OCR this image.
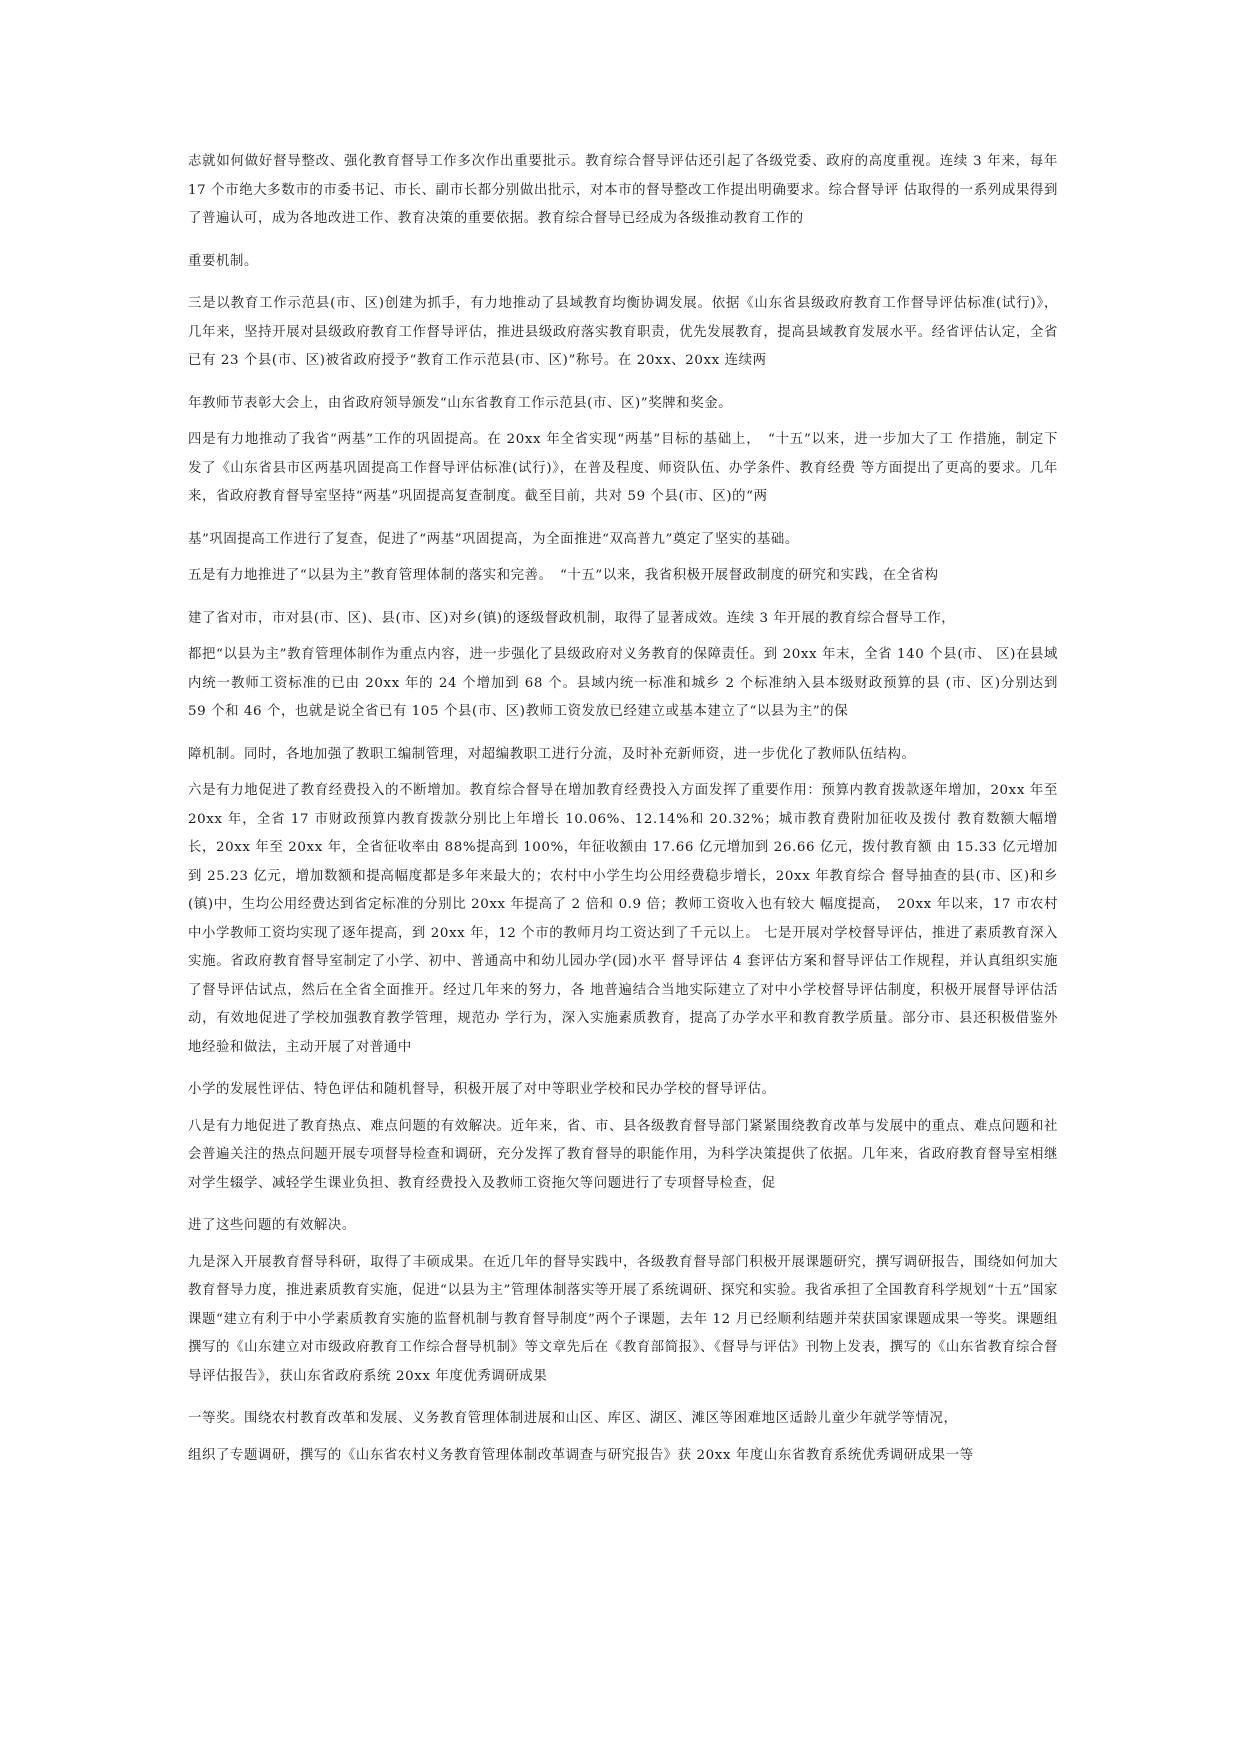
志就如何做好督导整改、强化教育督导工作多次作出重要批示。教育综合督导评估还引起了各级党委、政府的高度重视。连续 3 年来，每年 17 个市绝大多数市的市委书记、市长、副市长都分别做出批示，对本市的督导整改工作提出明确要求。综合督导评 估取得的一系列成果得到了普遍认可，成为各地改进工作、教育决策的重要依据。教育综合督导已经成为各级推动教育工作的

重要机制。

三是以教育工作示范县(市、区)创建为抓手，有力地推动了县域教育均衡协调发展。依据《山东省县级政府教育工作督导评估标准(试行)》，几年来，坚持开展对县级政府教育工作督导评估，推进县级政府落实教育职责，优先发展教育，提高县域教育发展水平。经省评估认定，全省已有 23 个县(市、区)被省政府授予“教育工作示范县(市、区)”称号。在 20xx、20xx 连续两

年教师节表彰大会上，由省政府领导颁发“山东省教育工作示范县(市、区)”奖牌和奖金。

四是有力地推动了我省“两基”工作的巩固提高。在 20xx 年全省实现“两基”目标的基础上，　“十五”以来，进一步加大了工 作措施，制定下发了《山东省县市区两基巩固提高工作督导评估标准(试行)》，在普及程度、师资队伍、办学条件、教育经费 等方面提出了更高的要求。几年来，省政府教育督导室坚持“两基”巩固提高复查制度。截至目前，共对 59 个县(市、区)的“两

基”巩固提高工作进行了复查，促进了“两基”巩固提高，为全面推进“双高普九”奠定了坚实的基础。

五是有力地推进了“以县为主”教育管理体制的落实和完善。　“十五”以来，我省积极开展督政制度的研究和实践，在全省构

建了省对市，市对县(市、区)、县(市、区)对乡(镇)的逐级督政机制，取得了显著成效。连续 3 年开展的教育综合督导工作，

都把“以县为主”教育管理体制作为重点内容，进一步强化了县级政府对义务教育的保障责任。到 20xx 年末，全省 140 个县(市、 区)在县域内统一教师工资标准的已由 20xx 年的 24 个增加到 68 个。县域内统一标准和城乡 2 个标准纳入县本级财政预算的县 (市、区)分别达到 59 个和 46 个，也就是说全省已有 105 个县(市、区)教师工资发放已经建立或基本建立了“以县为主”的保

障机制。同时，各地加强了教职工编制管理，对超编教职工进行分流，及时补充新师资，进一步优化了教师队伍结构。

六是有力地促进了教育经费投入的不断增加。教育综合督导在增加教育经费投入方面发挥了重要作用：预算内教育拨款逐年增加，20xx 年至 20xx 年，全省 17 市财政预算内教育拨款分别比上年增长 10.06%、12.14%和 20.32%；城市教育费附加征收及拨付 教育数额大幅增长，20xx 年至 20xx 年，全省征收率由 88%提高到 100%，年征收额由 17.66 亿元增加到 26.66 亿元，拨付教育额 由 15.33 亿元增加到 25.23 亿元，增加数额和提高幅度都是多年来最大的；农村中小学生均公用经费稳步增长，20xx 年教育综合 督导抽查的县(市、区)和乡(镇)中，生均公用经费达到省定标准的分别比 20xx 年提高了 2 倍和 0.9 倍；教师工资收入也有较大 幅度提高，　20xx 年以来，17 市农村中小学教师工资均实现了逐年提高，到 20xx 年，12 个市的教师月均工资达到了千元以上。 七是开展对学校督导评估，推进了素质教育深入实施。省政府教育督导室制定了小学、初中、普通高中和幼儿园办学(园)水平 督导评估 4 套评估方案和督导评估工作规程，并认真组织实施了督导评估试点，然后在全省全面推开。经过几年来的努力，各 地普遍结合当地实际建立了对中小学校督导评估制度，积极开展督导评估活动，有效地促进了学校加强教育教学管理，规范办 学行为，深入实施素质教育，提高了办学水平和教育教学质量。部分市、县还积极借鉴外地经验和做法，主动开展了对普通中

小学的发展性评估、特色评估和随机督导，积极开展了对中等职业学校和民办学校的督导评估。

八是有力地促进了教育热点、难点问题的有效解决。近年来，省、市、县各级教育督导部门紧紧围绕教育改革与发展中的重点、难点问题和社会普遍关注的热点问题开展专项督导检查和调研，充分发挥了教育督导的职能作用，为科学决策提供了依据。几年来，省政府教育督导室相继对学生辍学、减轻学生课业负担、教育经费投入及教师工资拖欠等问题进行了专项督导检查，促

进了这些问题的有效解决。

九是深入开展教育督导科研，取得了丰硕成果。在近几年的督导实践中，各级教育督导部门积极开展课题研究，撰写调研报告，围绕如何加大教育督导力度，推进素质教育实施，促进“以县为主”管理体制落实等开展了系统调研、探究和实验。我省承担了全国教育科学规划“十五”国家课题“建立有利于中小学素质教育实施的监督机制与教育督导制度”两个子课题，去年 12 月已经顺利结题并荣获国家课题成果一等奖。课题组撰写的《山东建立对市级政府教育工作综合督导机制》等文章先后在《教育部简报》、《督导与评估》刊物上发表，撰写的《山东省教育综合督导评估报告》，获山东省政府系统 20xx 年度优秀调研成果

一等奖。围绕农村教育改革和发展、义务教育管理体制进展和山区、库区、湖区、滩区等困难地区适龄儿童少年就学等情况，

组织了专题调研，撰写的《山东省农村义务教育管理体制改革调查与研究报告》获 20xx 年度山东省教育系统优秀调研成果一等
